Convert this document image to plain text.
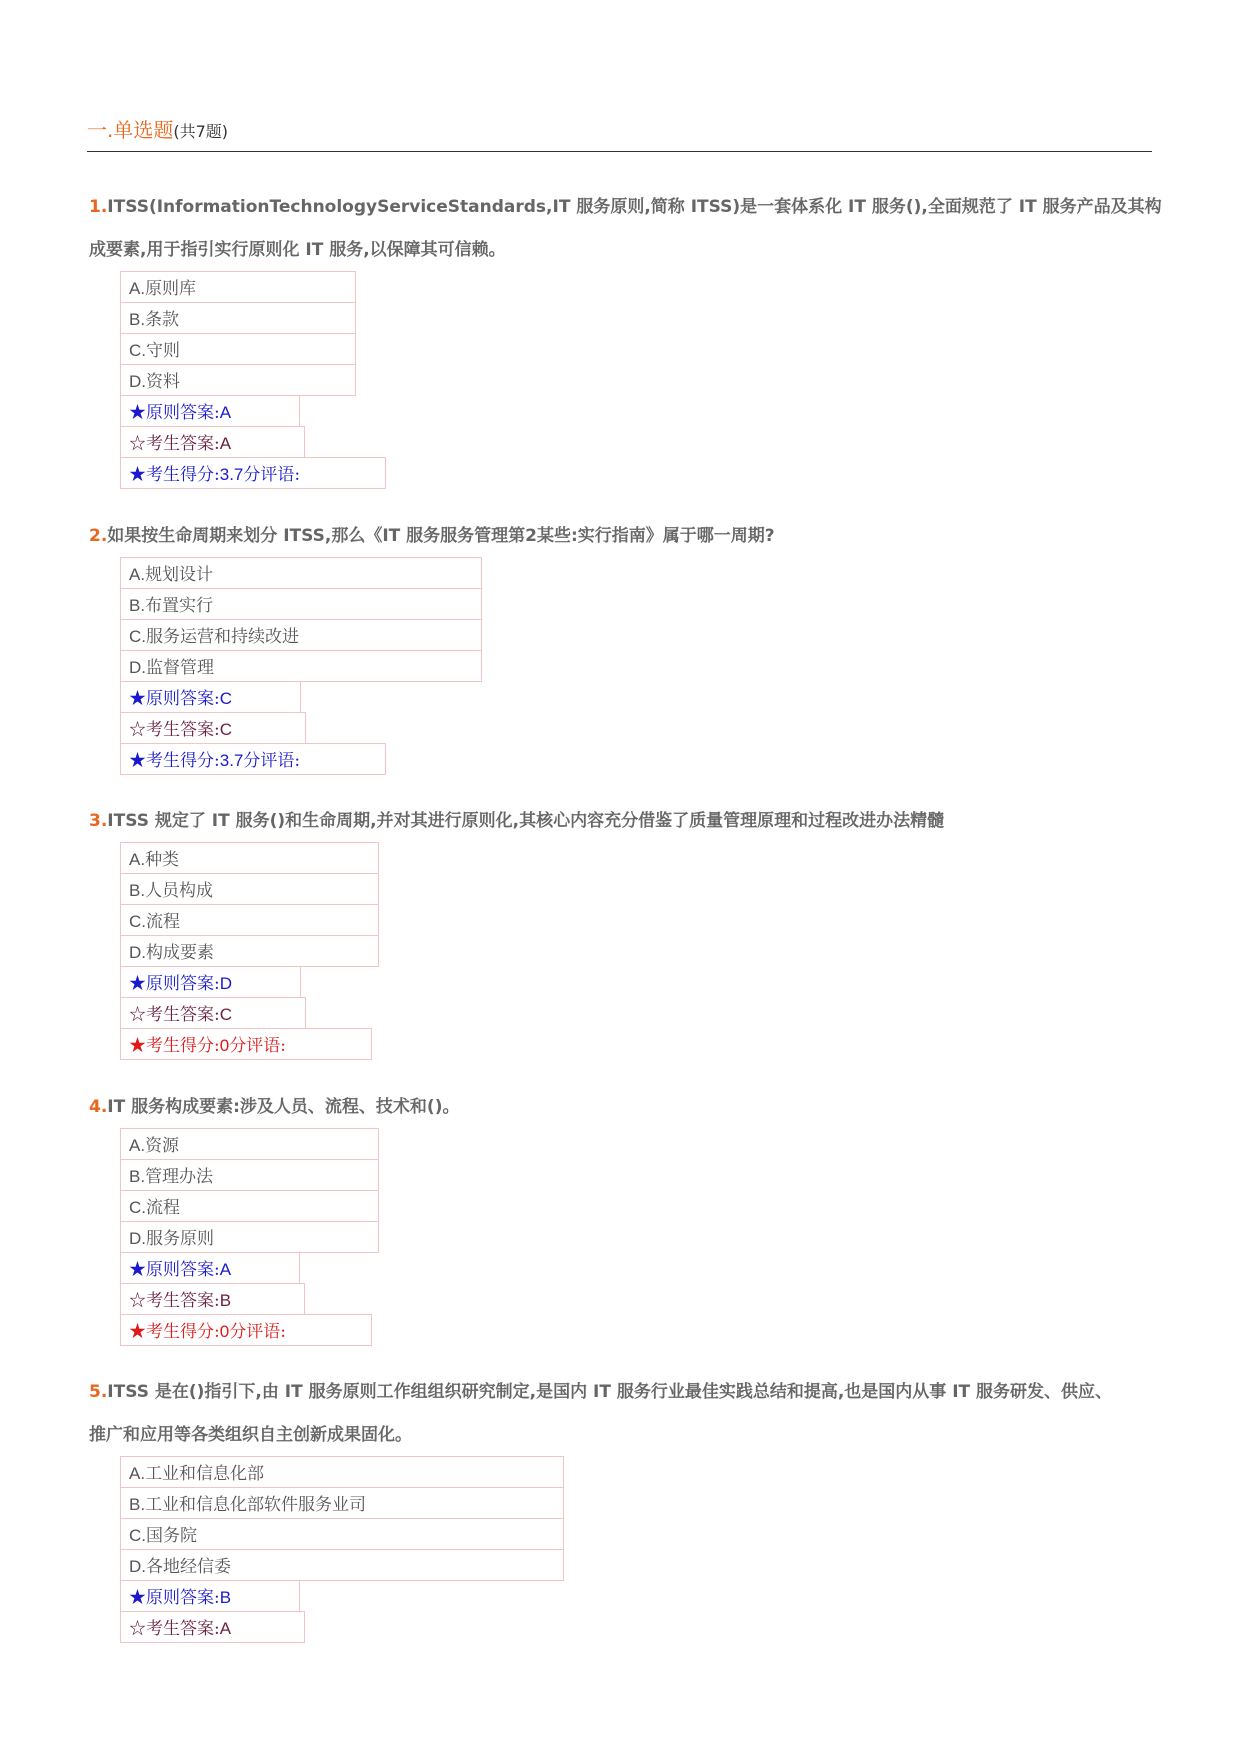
一.单选题(共7题)

1.ITSS(InformationTechnologyServiceStandards,IT 服务原则,简称 ITSS)是一套体系化 IT 服务(),全面规范了 IT 服务产品及其构

成要素,用于指引实行原则化 IT 服务,以保障其可信赖。

A.原则库
B.条款
C.守则
D.资料
★原则答案:A
☆考生答案:A
★考生得分:3.7分评语:

2.如果按生命周期来划分 ITSS,那么《IT 服务服务管理第2某些:实行指南》属于哪一周期?

A.规划设计
B.布置实行
C.服务运营和持续改进
D.监督管理
★原则答案:C
☆考生答案:C
★考生得分:3.7分评语:

3.ITSS 规定了 IT 服务()和生命周期,并对其进行原则化,其核心内容充分借鉴了质量管理原理和过程改进办法精髓

A.种类
B.人员构成
C.流程
D.构成要素
★原则答案:D
☆考生答案:C
★考生得分:0分评语:

4.IT 服务构成要素:涉及人员、流程、技术和()。

A.资源
B.管理办法
C.流程
D.服务原则
★原则答案:A
☆考生答案:B
★考生得分:0分评语:

5.ITSS 是在()指引下,由 IT 服务原则工作组组织研究制定,是国内 IT 服务行业最佳实践总结和提高,也是国内从事 IT 服务研发、供应、

推广和应用等各类组织自主创新成果固化。

A.工业和信息化部
B.工业和信息化部软件服务业司
C.国务院
D.各地经信委
★原则答案:B
☆考生答案:A
